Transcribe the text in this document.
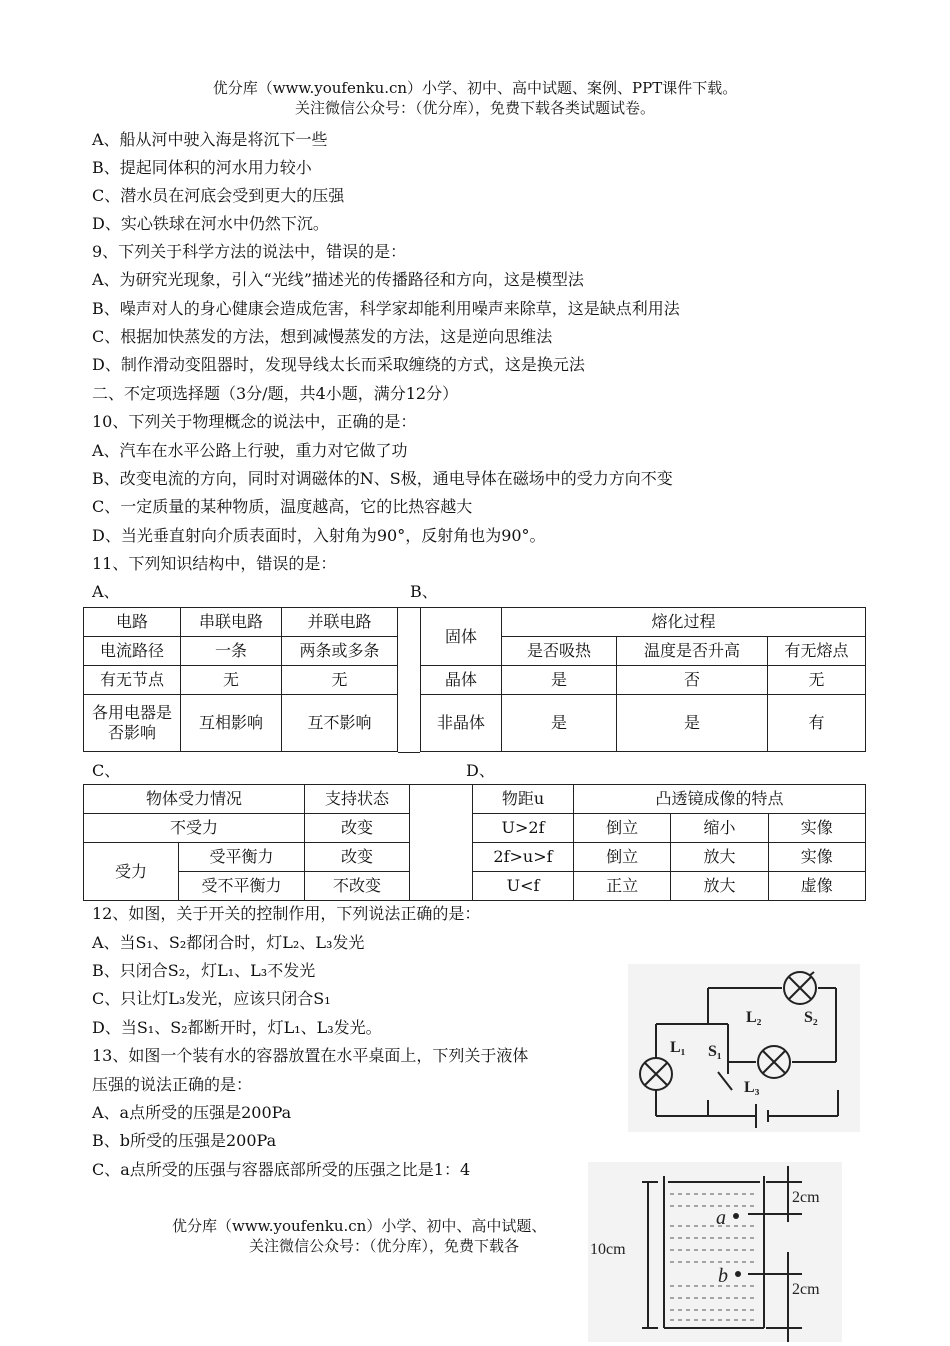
优分库（www.youfenku.cn）小学、初中、高中试题、案例、PPT课件下载。
关注微信公众号：（优分库），免费下载各类试题试卷。
A、船从河中驶入海是将沉下一些
B、提起同体积的河水用力较小
C、潜水员在河底会受到更大的压强
D、实心铁球在河水中仍然下沉。
9、下列关于科学方法的说法中，错误的是：
A、为研究光现象，引入“光线”描述光的传播路径和方向，这是模型法
B、噪声对人的身心健康会造成危害，科学家却能利用噪声来除草，这是缺点利用法
C、根据加快蒸发的方法，想到减慢蒸发的方法，这是逆向思维法
D、制作滑动变阻器时，发现导线太长而采取缠绕的方式，这是换元法
二、不定项选择题（3分/题，共4小题，满分12分）
10、下列关于物理概念的说法中，正确的是：
A、汽车在水平公路上行驶，重力对它做了功
B、改变电流的方向，同时对调磁体的N、S极，通电导体在磁场中的受力方向不变
C、一定质量的某种物质，温度越高，它的比热容越大
D、当光垂直射向介质表面时，入射角为90°，反射角也为90°。
11、下列知识结构中，错误的是：
A、	B、
电路	串联电路	并联电路
电流路径	一条	两条或多条
有无节点	无	无
各用电器是否影响	互相影响	互不影响
固体	熔化过程		
	是否吸热	温度是否升高	有无熔点
晶体	是	否	无
非晶体	是	是	有
C、	D、
物体受力情况		支持状态
不受力		改变
受力	受平衡力	改变
	受不平衡力	不改变
物距u	凸透镜成像的特点		
U>2f	倒立	缩小	实像
2f>u>f	倒立	放大	实像
U<f	正立	放大	虚像
12、如图，关于开关的控制作用，下列说法正确的是：
A、当S₁、S₂都闭合时，灯L₂、L₃发光
B、只闭合S₂，灯L₁、L₃不发光
C、只让灯L₃发光，应该只闭合S₁
D、当S₁、S₂都断开时，灯L₁、L₃发光。
L₁
L₂
L₃
S₁
S₂
13、如图一个装有水的容器放置在水平桌面上，下列关于液体
压强的说法正确的是：
A、a点所受的压强是200Pa
B、b所受的压强是200Pa
C、a点所受的压强与容器底部所受的压强之比是1：4
2cm
10cm
2cm
a
b
优分库（www.youfenku.cn）小学、初中、高中试题、
关注微信公众号：（优分库），免费下载各
